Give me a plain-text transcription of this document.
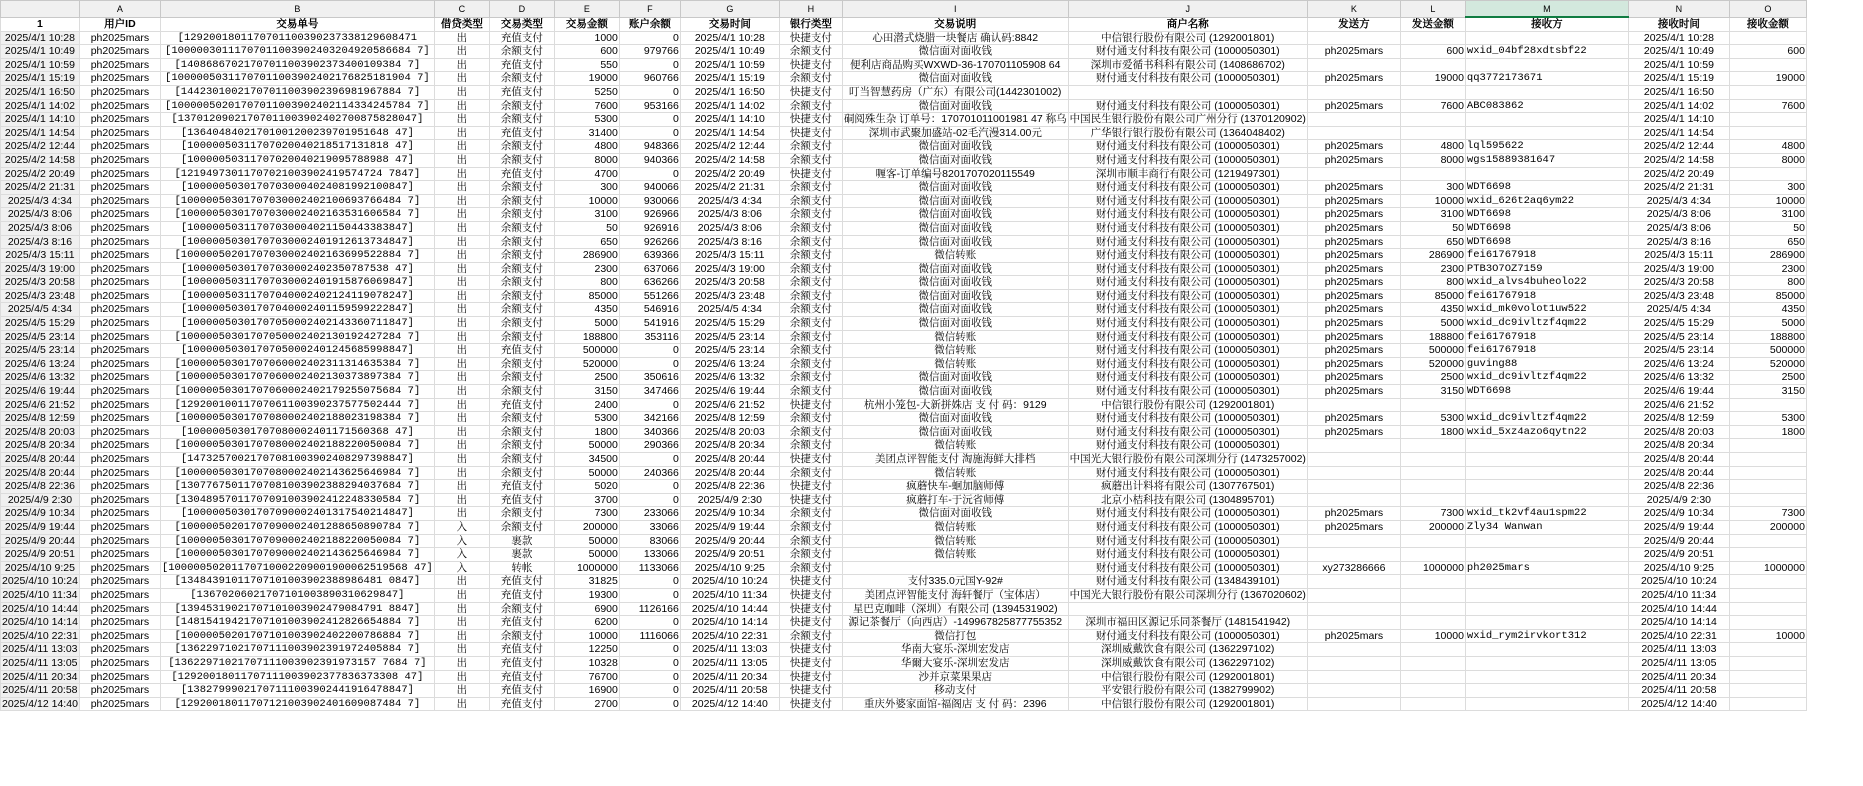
	A	B	C	D	E	F	G	H	I	J	K	L	M	N	O
1	用户ID	交易单号	借贷类型	交易类型	交易金额	账户余额	交易时间	银行类型	交易说明	商户名称	发送方	发送金额	接收方	接收时间	接收金额
2025/4/1 10:28	ph2025mars	[1292001801170701100390237338129608471	出	充值支付	1000	0	2025/4/1 10:28	快捷支付	心田潜式烧腊一块餐店 确认码:8842	中信银行股份有限公司 (1292001801)				2025/4/1 10:28	
2025/4/1 10:49	ph2025mars	[10000030111707011003902403204920586684 7]	出	余额支付	600	979766	2025/4/1 10:49	余额支付	微信面对面收钱	财付通支付科技有限公司 (1000050301)	ph2025mars	600	wxid_04bf28xdtsbf22	2025/4/1 10:49	600
2025/4/1 10:59	ph2025mars	[14086867021707011003902373400109384 7]	出	充值支付	550	0	2025/4/1 10:59	快捷支付	便利店商品购买WXWD-36-170701105908 64	深圳市爱循书科科有限公司 (1408686702)				2025/4/1 10:59	
2025/4/1 15:19	ph2025mars	[10000050311707011003902402176825181904 7]	出	余额支付	19000	960766	2025/4/1 15:19	余额支付	微信面对面收钱	财付通支付科技有限公司 (1000050301)	ph2025mars	19000	qq3772173671	2025/4/1 15:19	19000
2025/4/1 16:50	ph2025mars	[14423010021707011003902396981967884 7]	出	充值支付	5250	0	2025/4/1 16:50	快捷支付	叮当智慧药房（广东）有限公司(1442301002)					2025/4/1 16:50	
2025/4/1 14:02	ph2025mars	[10000050201707011003902402114334245784 7]	出	余额支付	7600	953166	2025/4/1 14:02	余额支付	微信面对面收钱	财付通支付科技有限公司 (1000050301)	ph2025mars	7600	ABC083862	2025/4/1 14:02	7600
2025/4/1 14:10	ph2025mars	[13701209021707011003902402700875828047]	出	余额支付	5300	0	2025/4/1 14:10	快捷支付	硐阅殊生杂 订单号：170701011001981 47 称乌	中国民生银行股份有限公司广州分行 (1370120902)				2025/4/1 14:10	
2025/4/1 14:54	ph2025mars	[13640484021701001200239701951648 47]	出	充值支付	31400	0	2025/4/1 14:54	快捷支付	深圳市武聚加盛站-02毛汽漫314.00元	广华银行银行股份有限公司 (1364048402)				2025/4/1 14:54	
2025/4/2 12:44	ph2025mars	[10000050311707020040218517131818 47]	出	余额支付	4800	948366	2025/4/2 12:44	余额支付	微信面对面收钱	财付通支付科技有限公司 (1000050301)	ph2025mars	4800	lql595622	2025/4/2 12:44	4800
2025/4/2 14:58	ph2025mars	[10000050311707020040219095788988 47]	出	余额支付	8000	940366	2025/4/2 14:58	余额支付	微信面对面收钱	财付通支付科技有限公司 (1000050301)	ph2025mars	8000	wgs15889381647	2025/4/2 14:58	8000
2025/4/2 20:49	ph2025mars	[12194973011707021003902419574724 7847]	出	充值支付	4700	0	2025/4/2 20:49	快捷支付	喱客-订单编号8201707020115549	深圳市顺丰商行有限公司 (1219497301)				2025/4/2 20:49	
2025/4/2 21:31	ph2025mars	[10000050301707030004024081992100847]	出	余额支付	300	940066	2025/4/2 21:31	余额支付	微信面对面收钱	财付通支付科技有限公司 (1000050301)	ph2025mars	300	WDT6698	2025/4/2 21:31	300
2025/4/3 4:34	ph2025mars	[10000050301707030002402100693766484 7]	出	余额支付	10000	930066	2025/4/3 4:34	余额支付	微信面对面收钱	财付通支付科技有限公司 (1000050301)	ph2025mars	10000	wxid_626t2aq6ym22	2025/4/3 4:34	10000
2025/4/3 8:06	ph2025mars	[10000050301707030002402163531606584 7]	出	余额支付	3100	926966	2025/4/3 8:06	余额支付	微信面对面收钱	财付通支付科技有限公司 (1000050301)	ph2025mars	3100	WDT6698	2025/4/3 8:06	3100
2025/4/3 8:06	ph2025mars	[10000050311707030004021150443383847]	出	余额支付	50	926916	2025/4/3 8:06	余额支付	微信面对面收钱	财付通支付科技有限公司 (1000050301)	ph2025mars	50	WDT6698	2025/4/3 8:06	50
2025/4/3 8:16	ph2025mars	[10000050301707030002401912613734847]	出	余额支付	650	926266	2025/4/3 8:16	余额支付	微信面对面收钱	财付通支付科技有限公司 (1000050301)	ph2025mars	650	WDT6698	2025/4/3 8:16	650
2025/4/3 15:11	ph2025mars	[10000050201707030002402163699522884 7]	出	余额支付	286900	639366	2025/4/3 15:11	余额支付	微信转账	财付通支付科技有限公司 (1000050301)	ph2025mars	286900	fei61767918	2025/4/3 15:11	286900
2025/4/3 19:00	ph2025mars	[10000050301707030002402350787538 47]	出	余额支付	2300	637066	2025/4/3 19:00	余额支付	微信面对面收钱	财付通支付科技有限公司 (1000050301)	ph2025mars	2300	PTB3O7OZ7159	2025/4/3 19:00	2300
2025/4/3 20:58	ph2025mars	[10000050311707030002401915876069847]	出	余额支付	800	636266	2025/4/3 20:58	余额支付	微信面对面收钱	财付通支付科技有限公司 (1000050301)	ph2025mars	800	wxid_alvs4buheolo22	2025/4/3 20:58	800
2025/4/3 23:48	ph2025mars	[10000050311707040002402124119078247]	出	余额支付	85000	551266	2025/4/3 23:48	余额支付	微信面对面收钱	财付通支付科技有限公司 (1000050301)	ph2025mars	85000	fei61767918	2025/4/3 23:48	85000
2025/4/5 4:34	ph2025mars	[10000050301707040002401159599222847]	出	余额支付	4350	546916	2025/4/5 4:34	余额支付	微信面对面收钱	财付通支付科技有限公司 (1000050301)	ph2025mars	4350	wxid_mk0volot1uw522	2025/4/5 4:34	4350
2025/4/5 15:29	ph2025mars	[10000050301707050002402143360711847]	出	余额支付	5000	541916	2025/4/5 15:29	余额支付	微信面对面收钱	财付通支付科技有限公司 (1000050301)	ph2025mars	5000	wxid_dc9ivltzf4qm22	2025/4/5 15:29	5000
2025/4/5 23:14	ph2025mars	[10000050301707050002402130192427284 7]	出	余额支付	188800	353116	2025/4/5 23:14	余额支付	微信转账	财付通支付科技有限公司 (1000050301)	ph2025mars	188800	fei61767918	2025/4/5 23:14	188800
2025/4/5 23:14	ph2025mars	[10000050301707050002401245685998847]	出	充值支付	500000	0	2025/4/5 23:14	余额支付	微信转账	财付通支付科技有限公司 (1000050301)	ph2025mars	500000	fei61767918	2025/4/5 23:14	500000
2025/4/6 13:24	ph2025mars	[10000050301707060002402311314635384 7]	出	余额支付	520000	0	2025/4/6 13:24	余额支付	微信转账	财付通支付科技有限公司 (1000050301)	ph2025mars	520000	guving88	2025/4/6 13:24	520000
2025/4/6 13:32	ph2025mars	[10000050301707060002402130373897384 7]	出	余额支付	2500	350616	2025/4/6 13:32	余额支付	微信面对面收钱	财付通支付科技有限公司 (1000050301)	ph2025mars	2500	wxid_dc9ivltzf4qm22	2025/4/6 13:32	2500
2025/4/6 19:44	ph2025mars	[10000050301707060002402179255075684 7]	出	余额支付	3150	347466	2025/4/6 19:44	余额支付	微信面对面收钱	财付通支付科技有限公司 (1000050301)	ph2025mars	3150	WDT6698	2025/4/6 19:44	3150
2025/4/6 21:52	ph2025mars	[12920010011707061100390237577502444 7]	出	充值支付	2400	0	2025/4/6 21:52	快捷支付	杭州小笼包-大新拼姝店 支 付 码：9129	中信银行股份有限公司 (1292001801)				2025/4/6 21:52	
2025/4/8 12:59	ph2025mars	[10000050301707080002402188023198384 7]	出	余额支付	5300	342166	2025/4/8 12:59	余额支付	微信面对面收钱	财付通支付科技有限公司 (1000050301)	ph2025mars	5300	wxid_dc9ivltzf4qm22	2025/4/8 12:59	5300
2025/4/8 20:03	ph2025mars	[10000050301707080002401171560368 47]	出	余额支付	1800	340366	2025/4/8 20:03	余额支付	微信面对面收钱	财付通支付科技有限公司 (1000050301)	ph2025mars	1800	wxid_5xz4azo6qytn22	2025/4/8 20:03	1800
2025/4/8 20:34	ph2025mars	[10000050301707080002402188220050084 7]	出	余额支付	50000	290366	2025/4/8 20:34	余额支付	微信转账	财付通支付科技有限公司 (1000050301)				2025/4/8 20:34	
2025/4/8 20:44	ph2025mars	[14732570021707081003902408297398847]	出	余额支付	34500	0	2025/4/8 20:44	快捷支付	美团点评智能支付 淘施海鲜大排档	中国光大银行股份有限公司深圳分行 (1473257002)				2025/4/8 20:44	
2025/4/8 20:44	ph2025mars	[10000050301707080002402143625646984 7]	出	余额支付	50000	240366	2025/4/8 20:44	余额支付	微信转账	财付通支付科技有限公司 (1000050301)				2025/4/8 20:44	
2025/4/8 22:36	ph2025mars	[13077675011707081003902388294037684 7]	出	充值支付	5020	0	2025/4/8 22:36	快捷支付	疯蘑快车-蛔加脑师傅	疯蘑出计料将有限公司 (1307767501)				2025/4/8 22:36	
2025/4/9 2:30	ph2025mars	[13048957011707091003902412248330584 7]	出	充值支付	3700	0	2025/4/9 2:30	快捷支付	疯蘑打车-于沅省师傅	北京小桔科技有限公司 (1304895701)				2025/4/9 2:30	
2025/4/9 10:34	ph2025mars	[10000050301707090002401317540214847]	出	余额支付	7300	233066	2025/4/9 10:34	余额支付	微信面对面收钱	财付通支付科技有限公司 (1000050301)	ph2025mars	7300	wxid_tk2vf4au1spm22	2025/4/9 10:34	7300
2025/4/9 19:44	ph2025mars	[10000050201707090002401288650890784 7]	入	余额支付	200000	33066	2025/4/9 19:44	余额支付	微信转账	财付通支付科技有限公司 (1000050301)	ph2025mars	200000	Zly34 Wanwan	2025/4/9 19:44	200000
2025/4/9 20:44	ph2025mars	[10000050301707090002402188220050084 7]	入	裹款	50000	83066	2025/4/9 20:44	余额支付	微信转账	财付通支付科技有限公司 (1000050301)				2025/4/9 20:44	
2025/4/9 20:51	ph2025mars	[10000050301707090002402143625646984 7]	入	裹款	50000	133066	2025/4/9 20:51	余额支付	微信转账	财付通支付科技有限公司 (1000050301)				2025/4/9 20:51	
2025/4/10 9:25	ph2025mars	[10000050201170710002209001900062519568 47]	入	转帐	1000000	1133066	2025/4/10 9:25	余额支付		财付通支付科技有限公司 (1000050301)	xy273286666	1000000	ph2025mars	2025/4/10 9:25	1000000
2025/4/10 10:24	ph2025mars	[13484391011707101003902388986481 0847]	出	充值支付	31825	0	2025/4/10 10:24	快捷支付	支付335.0元国Y-92#	财付通支付科技有限公司 (1348439101)				2025/4/10 10:24	
2025/4/10 11:34	ph2025mars	[13670206021707101003890310629847]	出	充值支付	19300	0	2025/4/10 11:34	快捷支付	美团点评智能支付 海轩餐厅（宝体店）	中国光大银行股份有限公司深圳分行 (1367020602)				2025/4/10 11:34	
2025/4/10 14:44	ph2025mars	[13945319021707101003902479084791 8847]	出	余额支付	6900	1126166	2025/4/10 14:44	快捷支付	星巴克咖啡（深圳）有限公司 (1394531902)					2025/4/10 14:44	
2025/4/10 14:14	ph2025mars	[14815419421707101003902412826654884 7]	出	充值支付	6200	0	2025/4/10 14:14	快捷支付	源记茶餐厅（向西店）-149967825877755352	深圳市福田区源记乐同茶餐厅 (1481541942)				2025/4/10 14:14	
2025/4/10 22:31	ph2025mars	[10000050201707101003902402200786884 7]	出	余额支付	10000	1116066	2025/4/10 22:31	余额支付	微信打包	财付通支付科技有限公司 (1000050301)	ph2025mars	10000	wxid_rym2irvkort312	2025/4/10 22:31	10000
2025/4/11 13:03	ph2025mars	[13622971021707111003902391972405884 7]	出	充值支付	12250	0	2025/4/11 13:03	快捷支付	华南大宴乐-深圳宏发店	深圳威戴饮食有限公司 (1362297102)				2025/4/11 13:03	
2025/4/11 13:05	ph2025mars	[13622971021707111003902391973157 7684 7]	出	充值支付	10328	0	2025/4/11 13:05	快捷支付	华爾大宴乐-深圳宏发店	深圳威戴饮食有限公司 (1362297102)				2025/4/11 13:05	
2025/4/11 20:34	ph2025mars	[12920018011707111003902377836373308 47]	出	充值支付	76700	0	2025/4/11 20:34	快捷支付	沙并京菜果果店	中信银行股份有限公司 (1292001801)				2025/4/11 20:34	
2025/4/11 20:58	ph2025mars	[13827999021707111003902441916478847]	出	充值支付	16900	0	2025/4/11 20:58	快捷支付	移动支付	平安银行股份有限公司 (1382799902)				2025/4/11 20:58	
2025/4/12 14:40	ph2025mars	[12920018011707121003902401609087484 7]	出	充值支付	2700	0	2025/4/12 14:40	快捷支付	重庆外婆家面馆-福阁店 支 付 码：2396	中信银行股份有限公司 (1292001801)				2025/4/12 14:40	
